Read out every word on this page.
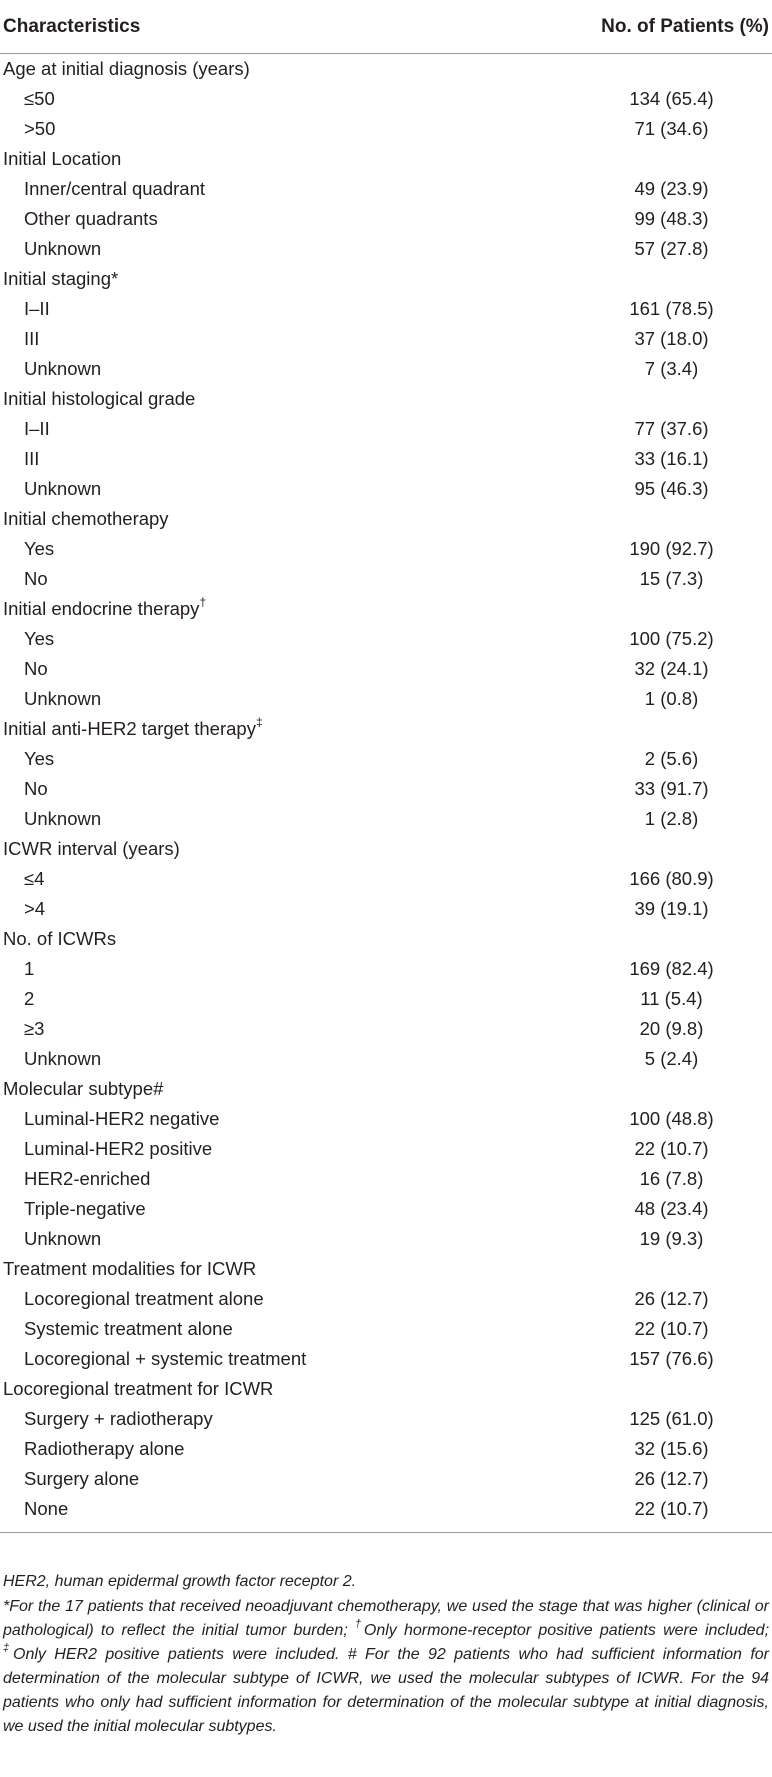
Characteristics	No. of Patients (%)
Age at initial diagnosis (years)	
≤50	134 (65.4)
>50	71 (34.6)
Initial Location	
Inner/central quadrant	49 (23.9)
Other quadrants	99 (48.3)
Unknown	57 (27.8)
Initial staging*	
I–II	161 (78.5)
III	37 (18.0)
Unknown	7 (3.4)
Initial histological grade	
I–II	77 (37.6)
III	33 (16.1)
Unknown	95 (46.3)
Initial chemotherapy	
Yes	190 (92.7)
No	15 (7.3)
Initial endocrine therapy†	
Yes	100 (75.2)
No	32 (24.1)
Unknown	1 (0.8)
Initial anti-HER2 target therapy‡	
Yes	2 (5.6)
No	33 (91.7)
Unknown	1 (2.8)
ICWR interval (years)	
≤4	166 (80.9)
>4	39 (19.1)
No. of ICWRs	
1	169 (82.4)
2	11 (5.4)
≥3	20 (9.8)
Unknown	5 (2.4)
Molecular subtype#	
Luminal-HER2 negative	100 (48.8)
Luminal-HER2 positive	22 (10.7)
HER2-enriched	16 (7.8)
Triple-negative	48 (23.4)
Unknown	19 (9.3)
Treatment modalities for ICWR	
Locoregional treatment alone	26 (12.7)
Systemic treatment alone	22 (10.7)
Locoregional + systemic treatment	157 (76.6)
Locoregional treatment for ICWR	
Surgery + radiotherapy	125 (61.0)
Radiotherapy alone	32 (15.6)
Surgery alone	26 (12.7)
None	22 (10.7)

HER2, human epidermal growth factor receptor 2.

*For the 17 patients that received neoadjuvant chemotherapy, we used the stage that was higher (clinical or pathological) to reflect the initial tumor burden; †Only hormone-receptor positive patients were included; ‡Only HER2 positive patients were included. # For the 92 patients who had sufficient information for determination of the molecular subtype of ICWR, we used the molecular subtypes of ICWR. For the 94 patients who only had sufficient information for determination of the molecular subtype at initial diagnosis, we used the initial molecular subtypes.
